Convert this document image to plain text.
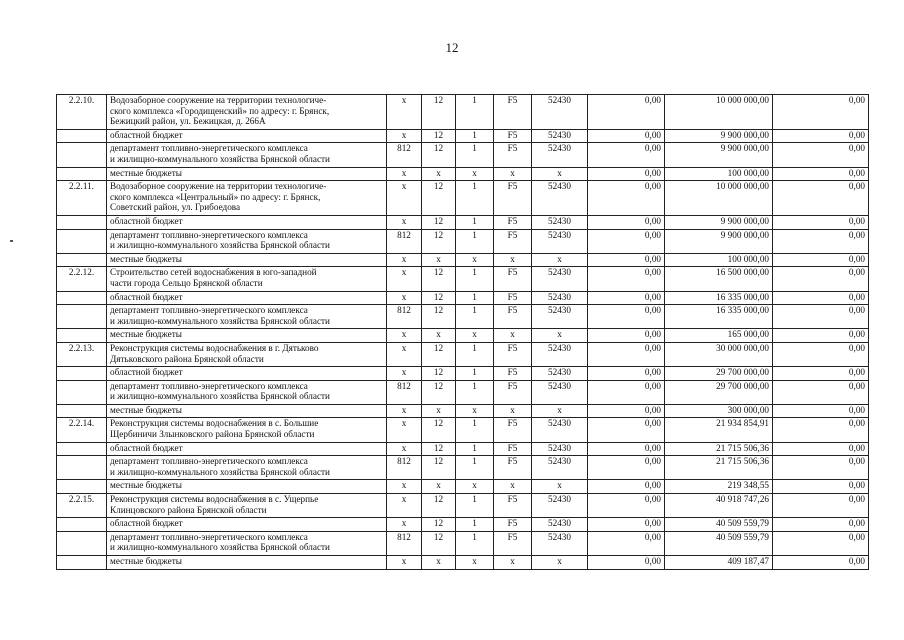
12
2.2.10.	Водозаборное сооружение на территории технологиче-
ского комплекса «Городищенский» по адресу: г. Брянск,
Бежицкий район, ул. Бежицкая, д. 266А	x	12	1	F5	52430	0,00	10 000 000,00	0,00
	областной бюджет	x	12	1	F5	52430	0,00	9 900 000,00	0,00
	департамент топливно-энергетического комплекса
и жилищно-коммунального хозяйства Брянской области	812	12	1	F5	52430	0,00	9 900 000,00	0,00
	местные бюджеты	x	x	x	x	x	0,00	100 000,00	0,00
2.2.11.	Водозаборное сооружение на территории технологиче-
ского комплекса «Центральный» по адресу: г. Брянск,
Советский район, ул. Грибоедова	x	12	1	F5	52430	0,00	10 000 000,00	0,00
	областной бюджет	x	12	1	F5	52430	0,00	9 900 000,00	0,00
	департамент топливно-энергетического комплекса
и жилищно-коммунального хозяйства Брянской области	812	12	1	F5	52430	0,00	9 900 000,00	0,00
	местные бюджеты	x	x	x	x	x	0,00	100 000,00	0,00
2.2.12.	Строительство сетей водоснабжения в юго-западной
части города Сельцо Брянской области	x	12	1	F5	52430	0,00	16 500 000,00	0,00
	областной бюджет	x	12	1	F5	52430	0,00	16 335 000,00	0,00
	департамент топливно-энергетического комплекса
и жилищно-коммунального хозяйства Брянской области	812	12	1	F5	52430	0,00	16 335 000,00	0,00
	местные бюджеты	x	x	x	x	x	0,00	165 000,00	0,00
2.2.13.	Реконструкция системы водоснабжения в г. Дятьково
Дятьковского района Брянской области	x	12	1	F5	52430	0,00	30 000 000,00	0,00
	областной бюджет	x	12	1	F5	52430	0,00	29 700 000,00	0,00
	департамент топливно-энергетического комплекса
и жилищно-коммунального хозяйства Брянской области	812	12	1	F5	52430	0,00	29 700 000,00	0,00
	местные бюджеты	x	x	x	x	x	0,00	300 000,00	0,00
2.2.14.	Реконструкция системы водоснабжения в с. Большие
Щербиничи Злынковского района Брянской области	x	12	1	F5	52430	0,00	21 934 854,91	0,00
	областной бюджет	x	12	1	F5	52430	0,00	21 715 506,36	0,00
	департамент топливно-энергетического комплекса
и жилищно-коммунального хозяйства Брянской области	812	12	1	F5	52430	0,00	21 715 506,36	0,00
	местные бюджеты	x	x	x	x	x	0,00	219 348,55	0,00
2.2.15.	Реконструкция системы водоснабжения в с. Ущерпье
Клинцовского района Брянской области	x	12	1	F5	52430	0,00	40 918 747,26	0,00
	областной бюджет	x	12	1	F5	52430	0,00	40 509 559,79	0,00
	департамент топливно-энергетического комплекса
и жилищно-коммунального хозяйства Брянской области	812	12	1	F5	52430	0,00	40 509 559,79	0,00
	местные бюджеты	x	x	x	x	x	0,00	409 187,47	0,00
